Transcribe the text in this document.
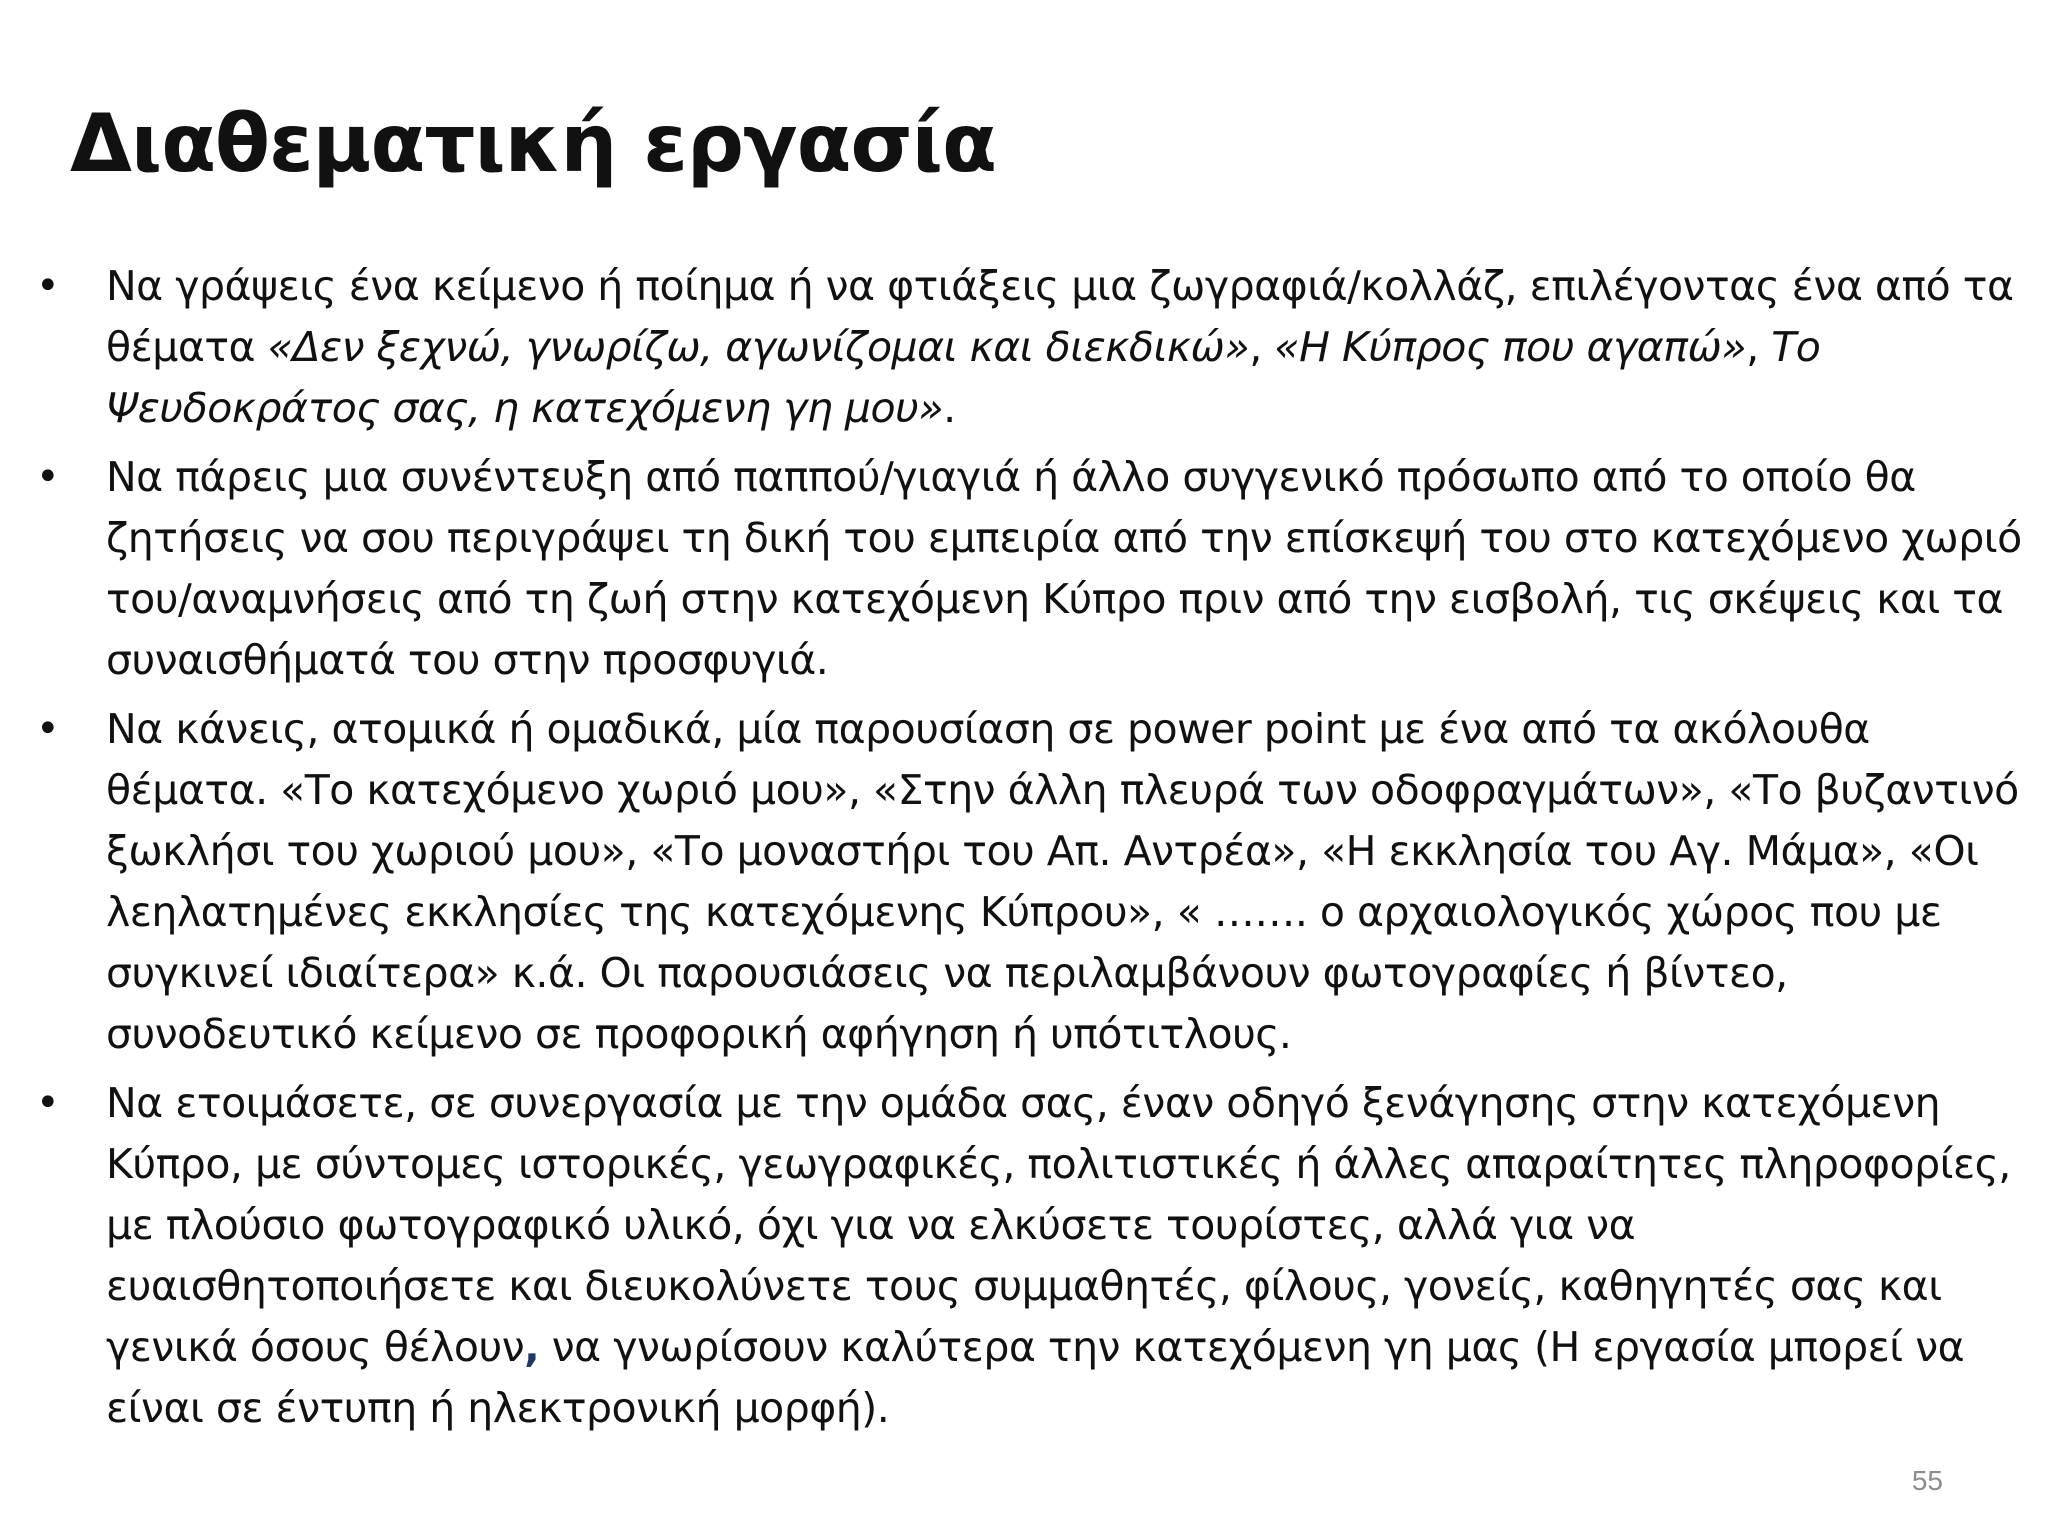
Διαθεματική εργασία
• Να γράψεις ένα κείμενο ή ποίημα ή να φτιάξεις μια ζωγραφιά/κολλάζ, επιλέγοντας ένα από τα θέματα «Δεν ξεχνώ, γνωρίζω, αγωνίζομαι και διεκδικώ», «Η Κύπρος που αγαπώ», Το Ψευδοκράτος σας, η κατεχόμενη γη μου».
• Να πάρεις μια συνέντευξη από παππού/γιαγιά ή άλλο συγγενικό πρόσωπο από το οποίο θα ζητήσεις να σου περιγράψει τη δική του εμπειρία από την επίσκεψή του στο κατεχόμενο χωριό του/αναμνήσεις από τη ζωή στην κατεχόμενη Κύπρο πριν από την εισβολή, τις σκέψεις και τα συναισθήματά του στην προσφυγιά.
• Να κάνεις, ατομικά ή ομαδικά, μία παρουσίαση σε power point με ένα από τα ακόλουθα θέματα. «Το κατεχόμενο χωριό μου», «Στην άλλη πλευρά των οδοφραγμάτων», «Το βυζαντινό ξωκλήσι του χωριού μου», «Το μοναστήρι του Απ. Αντρέα», «Η εκκλησία του Αγ. Μάμα», «Οι λεηλατημένες εκκλησίες της κατεχόμενης Κύπρου», « ……. ο αρχαιολογικός χώρος που με συγκινεί ιδιαίτερα» κ.ά. Οι παρουσιάσεις να περιλαμβάνουν φωτογραφίες ή βίντεο, συνοδευτικό κείμενο σε προφορική αφήγηση ή υπότιτλους.
• Να ετοιμάσετε, σε συνεργασία με την ομάδα σας, έναν οδηγό ξενάγησης στην κατεχόμενη Κύπρο, με σύντομες ιστορικές, γεωγραφικές, πολιτιστικές ή άλλες απαραίτητες πληροφορίες, με πλούσιο φωτογραφικό υλικό, όχι για να ελκύσετε τουρίστες, αλλά για να ευαισθητοποιήσετε και διευκολύνετε τους συμμαθητές, φίλους, γονείς, καθηγητές σας και γενικά όσους θέλουν, να γνωρίσουν καλύτερα την κατεχόμενη γη μας (Η εργασία μπορεί να είναι σε έντυπη ή ηλεκτρονική μορφή).
55
